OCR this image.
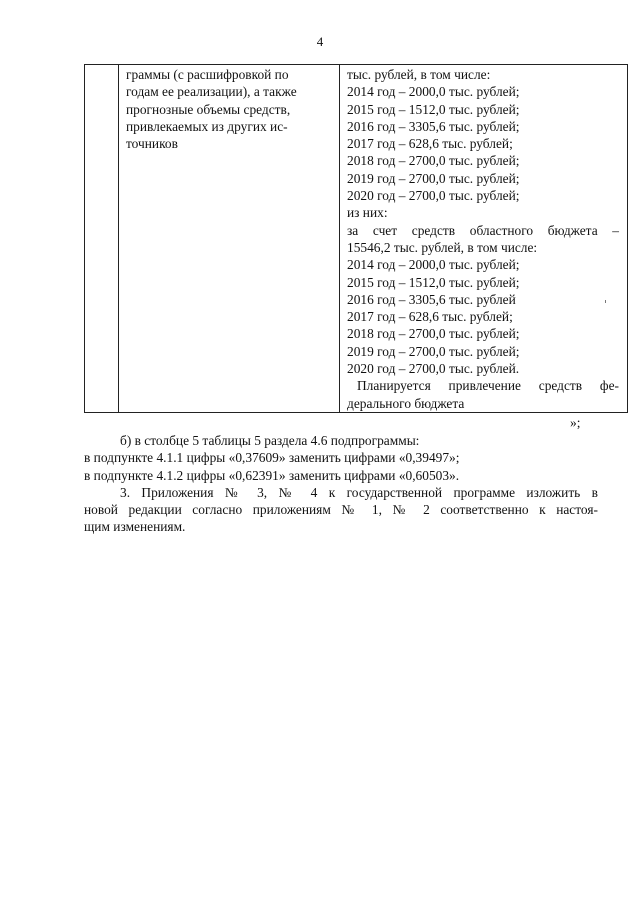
4

граммы (с расшифровкой по
годам ее реализации), а также
прогнозные объемы средств,
привлекаемых из других ис-
точников

тыс. рублей, в том числе:
2014 год – 2000,0 тыс. рублей;
2015 год – 1512,0 тыс. рублей;
2016 год – 3305,6 тыс. рублей;
2017 год – 628,6 тыс. рублей;
2018 год – 2700,0 тыс. рублей;
2019 год – 2700,0 тыс. рублей;
2020 год – 2700,0 тыс. рублей;
из них:
за счет средств областного бюджета –
15546,2 тыс. рублей, в том числе:
2014 год – 2000,0 тыс. рублей;
2015 год – 1512,0 тыс. рублей;
2016 год – 3305,6 тыс. рублей
2017 год – 628,6 тыс. рублей;
2018 год – 2700,0 тыс. рублей;
2019 год – 2700,0 тыс. рублей;
2020 год – 2700,0 тыс. рублей.
Планируется привлечение средств фе-
дерального бюджета
»;
б) в столбце 5 таблицы 5 раздела 4.6 подпрограммы:
в подпункте 4.1.1 цифры «0,37609» заменить цифрами «0,39497»;
в подпункте 4.1.2 цифры «0,62391» заменить цифрами «0,60503».
3. Приложения № 3, № 4 к государственной программе изложить в
новой редакции согласно приложениям № 1, № 2 соответственно к настоя-
щим изменениям.
